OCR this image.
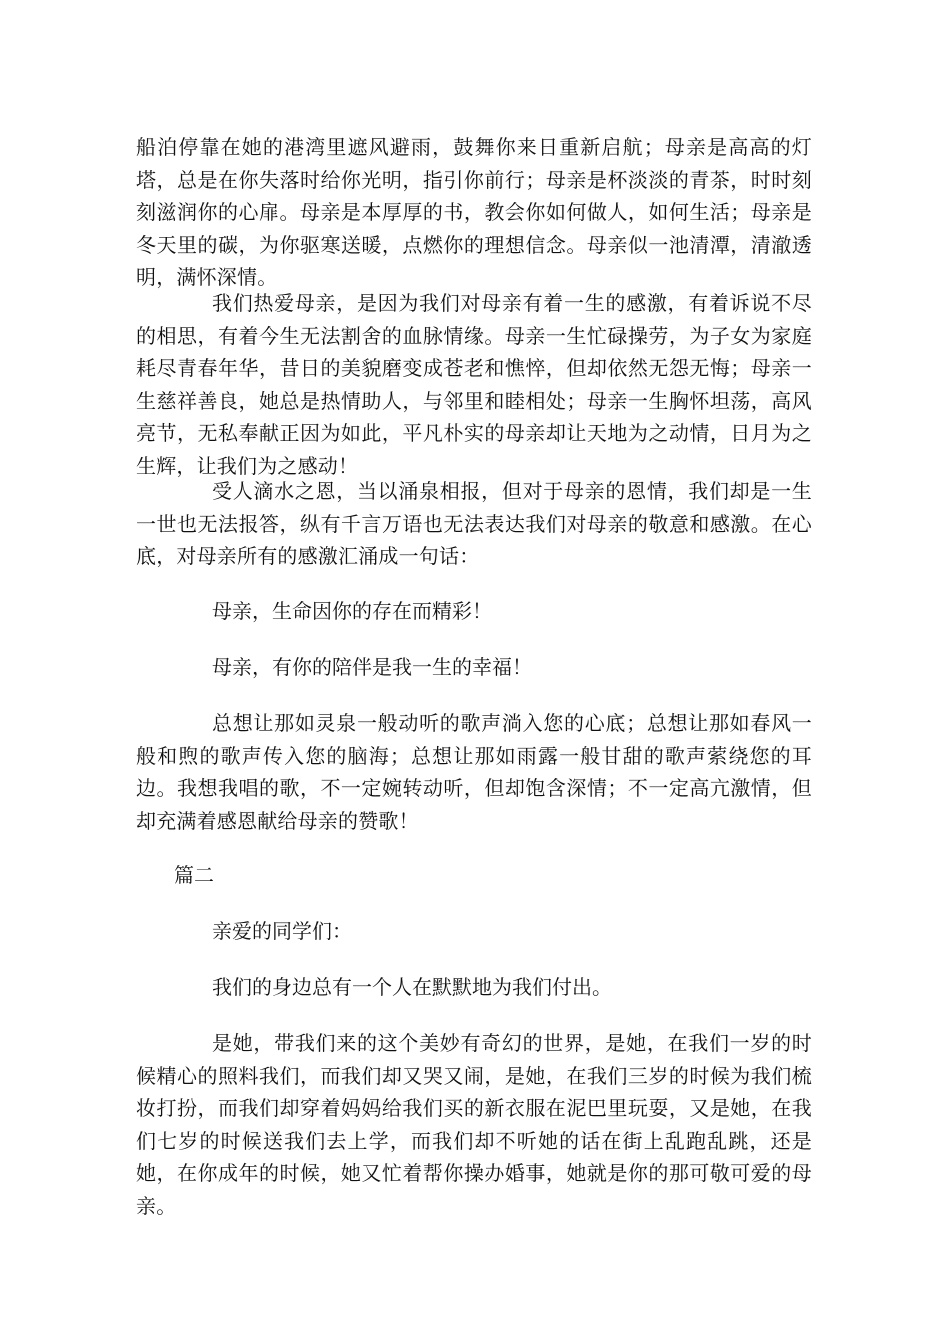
船泊停靠在她的港湾里遮风避雨，鼓舞你来日重新启航；母亲是高高的灯塔，总是在你失落时给你光明，指引你前行；母亲是杯淡淡的青茶，时时刻刻滋润你的心扉。母亲是本厚厚的书，教会你如何做人，如何生活；母亲是冬天里的碳，为你驱寒送暖，点燃你的理想信念。母亲似一池清潭，清澈透明，满怀深情。

我们热爱母亲，是因为我们对母亲有着一生的感激，有着诉说不尽的相思，有着今生无法割舍的血脉情缘。母亲一生忙碌操劳，为子女为家庭耗尽青春年华，昔日的美貌磨变成苍老和憔悴，但却依然无怨无悔；母亲一生慈祥善良，她总是热情助人，与邻里和睦相处；母亲一生胸怀坦荡，高风亮节，无私奉献正因为如此，平凡朴实的母亲却让天地为之动情，日月为之生辉，让我们为之感动！

受人滴水之恩，当以涌泉相报，但对于母亲的恩情，我们却是一生一世也无法报答，纵有千言万语也无法表达我们对母亲的敬意和感激。在心底，对母亲所有的感激汇涌成一句话：

母亲，生命因你的存在而精彩！

母亲，有你的陪伴是我一生的幸福！

总想让那如灵泉一般动听的歌声淌入您的心底；总想让那如春风一般和煦的歌声传入您的脑海；总想让那如雨露一般甘甜的歌声萦绕您的耳边。我想我唱的歌，不一定婉转动听，但却饱含深情；不一定高亢激情，但却充满着感恩献给母亲的赞歌！

篇二

亲爱的同学们：

我们的身边总有一个人在默默地为我们付出。

是她，带我们来的这个美妙有奇幻的世界，是她，在我们一岁的时候精心的照料我们，而我们却又哭又闹，是她，在我们三岁的时候为我们梳妆打扮，而我们却穿着妈妈给我们买的新衣服在泥巴里玩耍，又是她，在我们七岁的时候送我们去上学，而我们却不听她的话在街上乱跑乱跳，还是她，在你成年的时候，她又忙着帮你操办婚事，她就是你的那可敬可爱的母亲。
